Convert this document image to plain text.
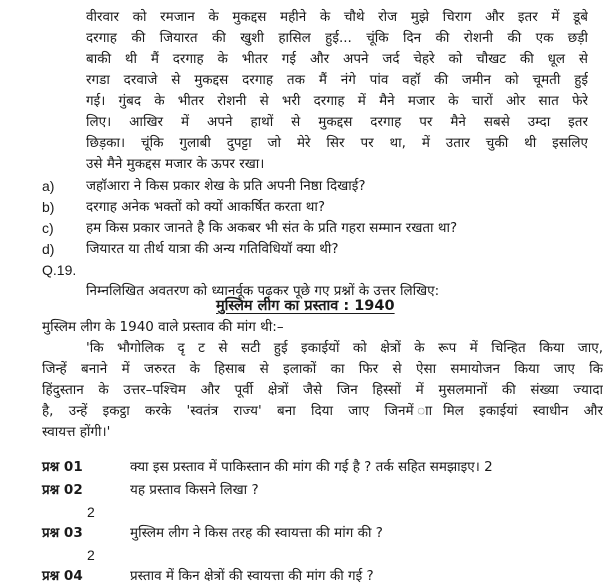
वीरवार को रमजान के मुकद्दस महीने के चौथे रोज मुझे चिराग और इतर में डूबे
दरगाह की जियारत की खुशी हासिल हुई... चूंकि दिन की रोशनी की एक छड़ी
बाकी थी मैं दरगाह के भीतर गई और अपने जर्द चेहरे को चौखट की धूल से
रगडा दरवाजे से मुकद्दस दरगाह तक मैं नंगे पांव वहॉ की जमीन को चूमती हुई
गई। गुंबद के भीतर रोशनी से भरी दरगाह में मैने मजार के चारों ओर सात फेरे
लिए। आखिर में अपने हाथों से मुकद्दस दरगाह पर मैने सबसे उम्दा इतर
छिड़का। चूंकि गुलाबी दुपट्टा जो मेरे सिर पर था, में उतार चुकी थी इसलिए
उसे मैने मुकद्दस मजार के ऊपर रखा।
a) जहॉआरा ने किस प्रकार शेख के प्रति अपनी निष्ठा दिखाई?
b) दरगाह अनेक भक्तों को क्यों आकर्षित करता था?
c) हम किस प्रकार जानते है कि अकबर भी संत के प्रति गहरा सम्मान रखता था?
d) जियारत या तीर्थ यात्रा की अन्य गतिविधियॉ क्या थी?
Q.19.
निम्नलिखित अवतरण को ध्यानर्वूक पढ़कर पूछे गए प्रश्नों के उत्तर लिखिए:
मुस्लिम लीग का प्रस्ताव : 1940
मुस्लिम लीग के 1940 वाले प्रस्ताव की मांग थी:–
'कि भौगोलिक दृ ट से सटी हुई इकाईयों को क्षेत्रों के रूप में चिन्हित किया जाए,
जिन्हें बनाने में जरुरत के हिसाब से इलाकों का फिर से ऐसा समायोजन किया जाए कि
हिंदुस्तान के उत्तर–पश्चिम और पूर्वी क्षेत्रों जैसे जिन हिस्सों में मुसलमानों की संख्या ज्यादा
है, उन्हें इकट्ठा करके 'स्वतंत्र राज्य' बना दिया जाए जिनमें ाामिल इकाईयां स्वाधीन और
स्वायत्त होंगी।'
प्रश्न 01	क्या इस प्रस्ताव में पाकिस्तान की मांग की गई है ? तर्क सहित समझाइए। 2
प्रश्न 02	यह प्रस्ताव किसने लिखा ?
2
प्रश्न 03	मुस्लिम लीग ने किस तरह की स्वायत्ता की मांग की ?
2
प्रश्न 04	प्रस्ताव में किन क्षेत्रों की स्वायत्ता की मांग की गई ?
